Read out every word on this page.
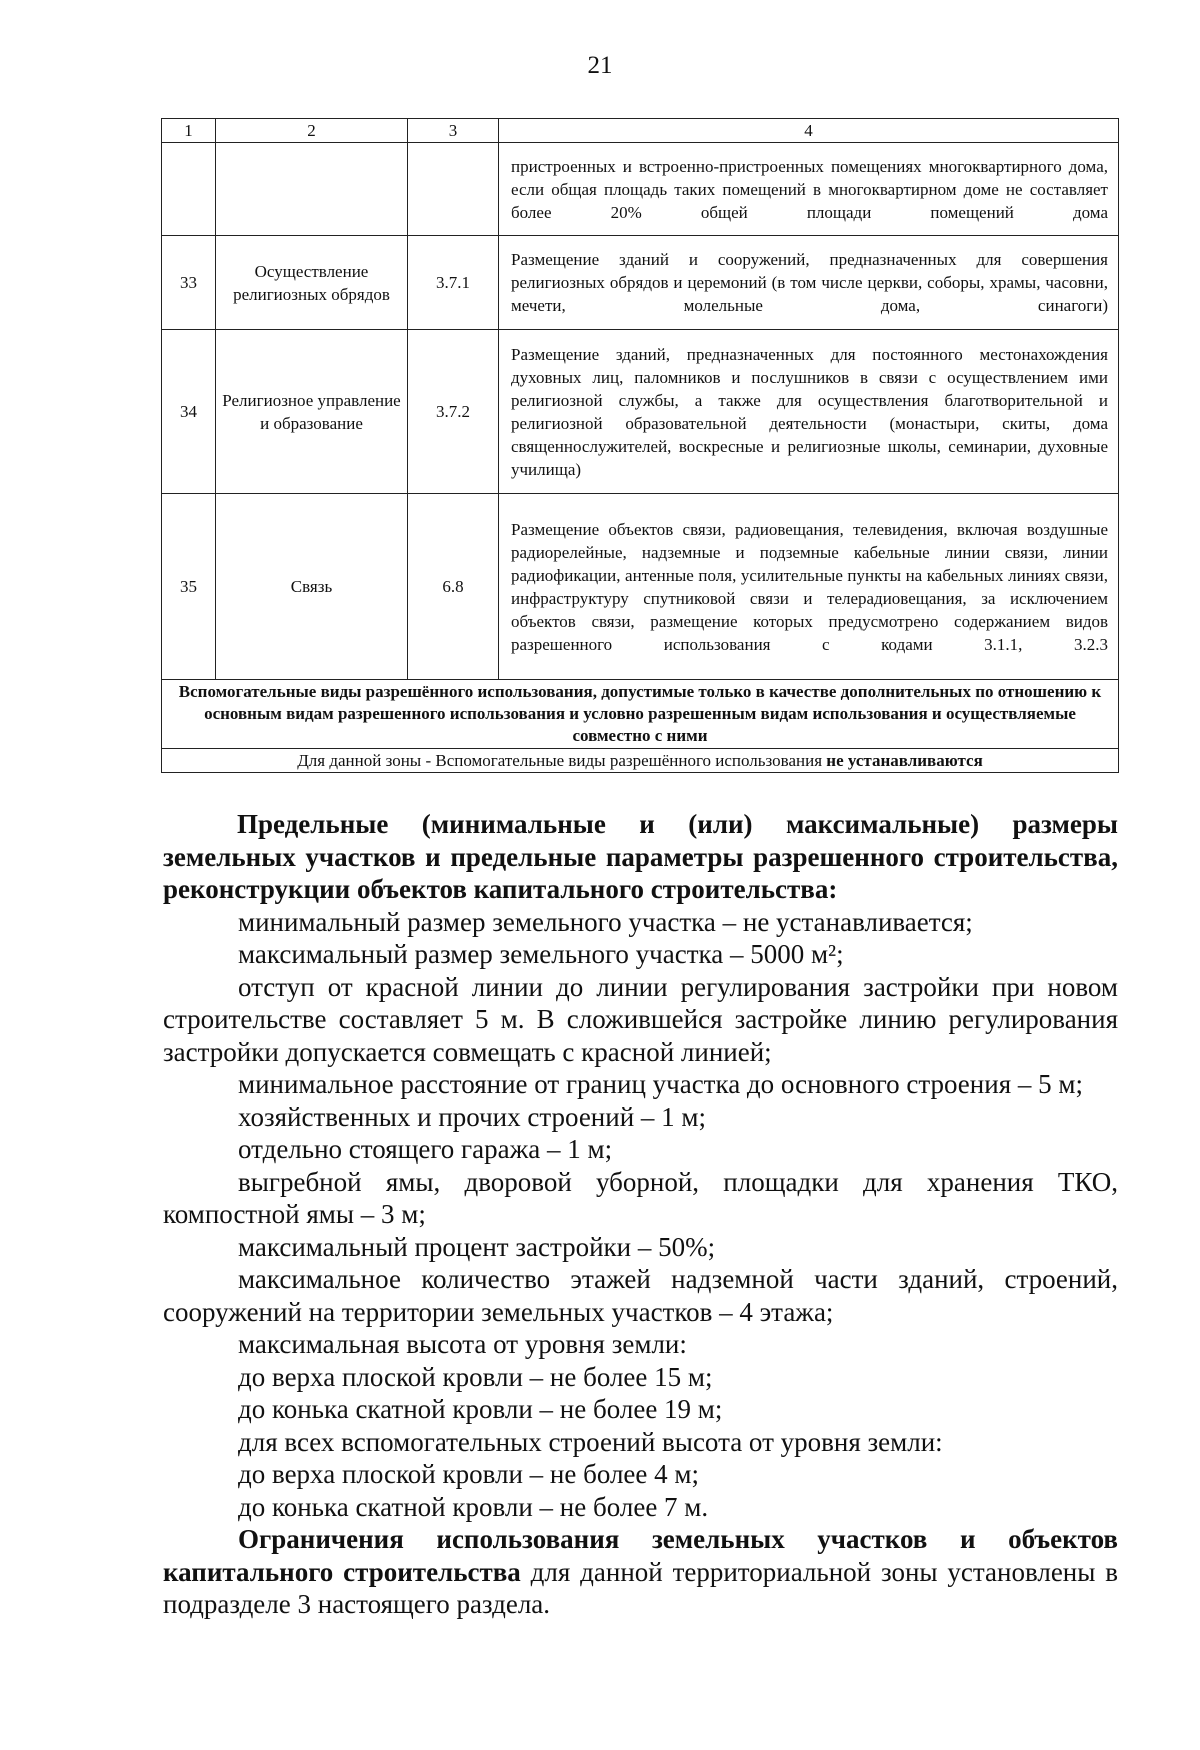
21
1	2	3	4
			пристроенных и встроенно-пристроенных помещениях многоквартирного дома, если общая площадь таких помещений в многоквартирном доме не составляет более 20% общей площади помещений дома
33	Осуществление религиозных обрядов	3.7.1	Размещение зданий и сооружений, предназначенных для совершения религиозных обрядов и церемоний (в том числе церкви, соборы, храмы, часовни, мечети, молельные дома, синагоги)
34	Религиозное управление и образование	3.7.2	Размещение зданий, предназначенных для постоянного местонахождения духовных лиц, паломников и послушников в связи с осуществлением ими религиозной службы, а также для осуществления благотворительной и религиозной образовательной деятельности (монастыри, скиты, дома священнослужителей, воскресные и религиозные школы, семинарии, духовные училища)
35	Связь	6.8	Размещение объектов связи, радиовещания, телевидения, включая воздушные радиорелейные, надземные и подземные кабельные линии связи, линии радиофикации, антенные поля, усилительные пункты на кабельных линиях связи, инфраструктуру спутниковой связи и телерадиовещания, за исключением объектов связи, размещение которых предусмотрено содержанием видов разрешенного использования с кодами 3.1.1, 3.2.3
Вспомогательные виды разрешённого использования, допустимые только в качестве дополнительных по отношению к основным видам разрешенного использования и условно разрешенным видам использования и осуществляемые совместно с ними			
Для данной зоны - Вспомогательные виды разрешённого использования не устанавливаются			

Предельные (минимальные и (или) максимальные) размеры земельных участков и предельные параметры разрешенного строительства, реконструкции объектов капитального строительства:

минимальный размер земельного участка – не устанавливается;

максимальный размер земельного участка – 5000 м²;

отступ от красной линии до линии регулирования застройки при новом строительстве составляет 5 м. В сложившейся застройке линию регулирования застройки допускается совмещать с красной линией;

минимальное расстояние от границ участка до основного строения – 5 м;

хозяйственных и прочих строений – 1 м;

отдельно стоящего гаража – 1 м;

выгребной ямы, дворовой уборной, площадки для хранения ТКО, компостной ямы – 3 м;

максимальный процент застройки – 50%;

максимальное количество этажей надземной части зданий, строений, сооружений на территории земельных участков – 4 этажа;

максимальная высота от уровня земли:

до верха плоской кровли – не более 15 м;

до конька скатной кровли – не более 19 м;

для всех вспомогательных строений высота от уровня земли:

до верха плоской кровли – не более 4 м;

до конька скатной кровли – не более 7 м.

Ограничения использования земельных участков и объектов капитального строительства для данной территориальной зоны установлены в подразделе 3 настоящего раздела.
